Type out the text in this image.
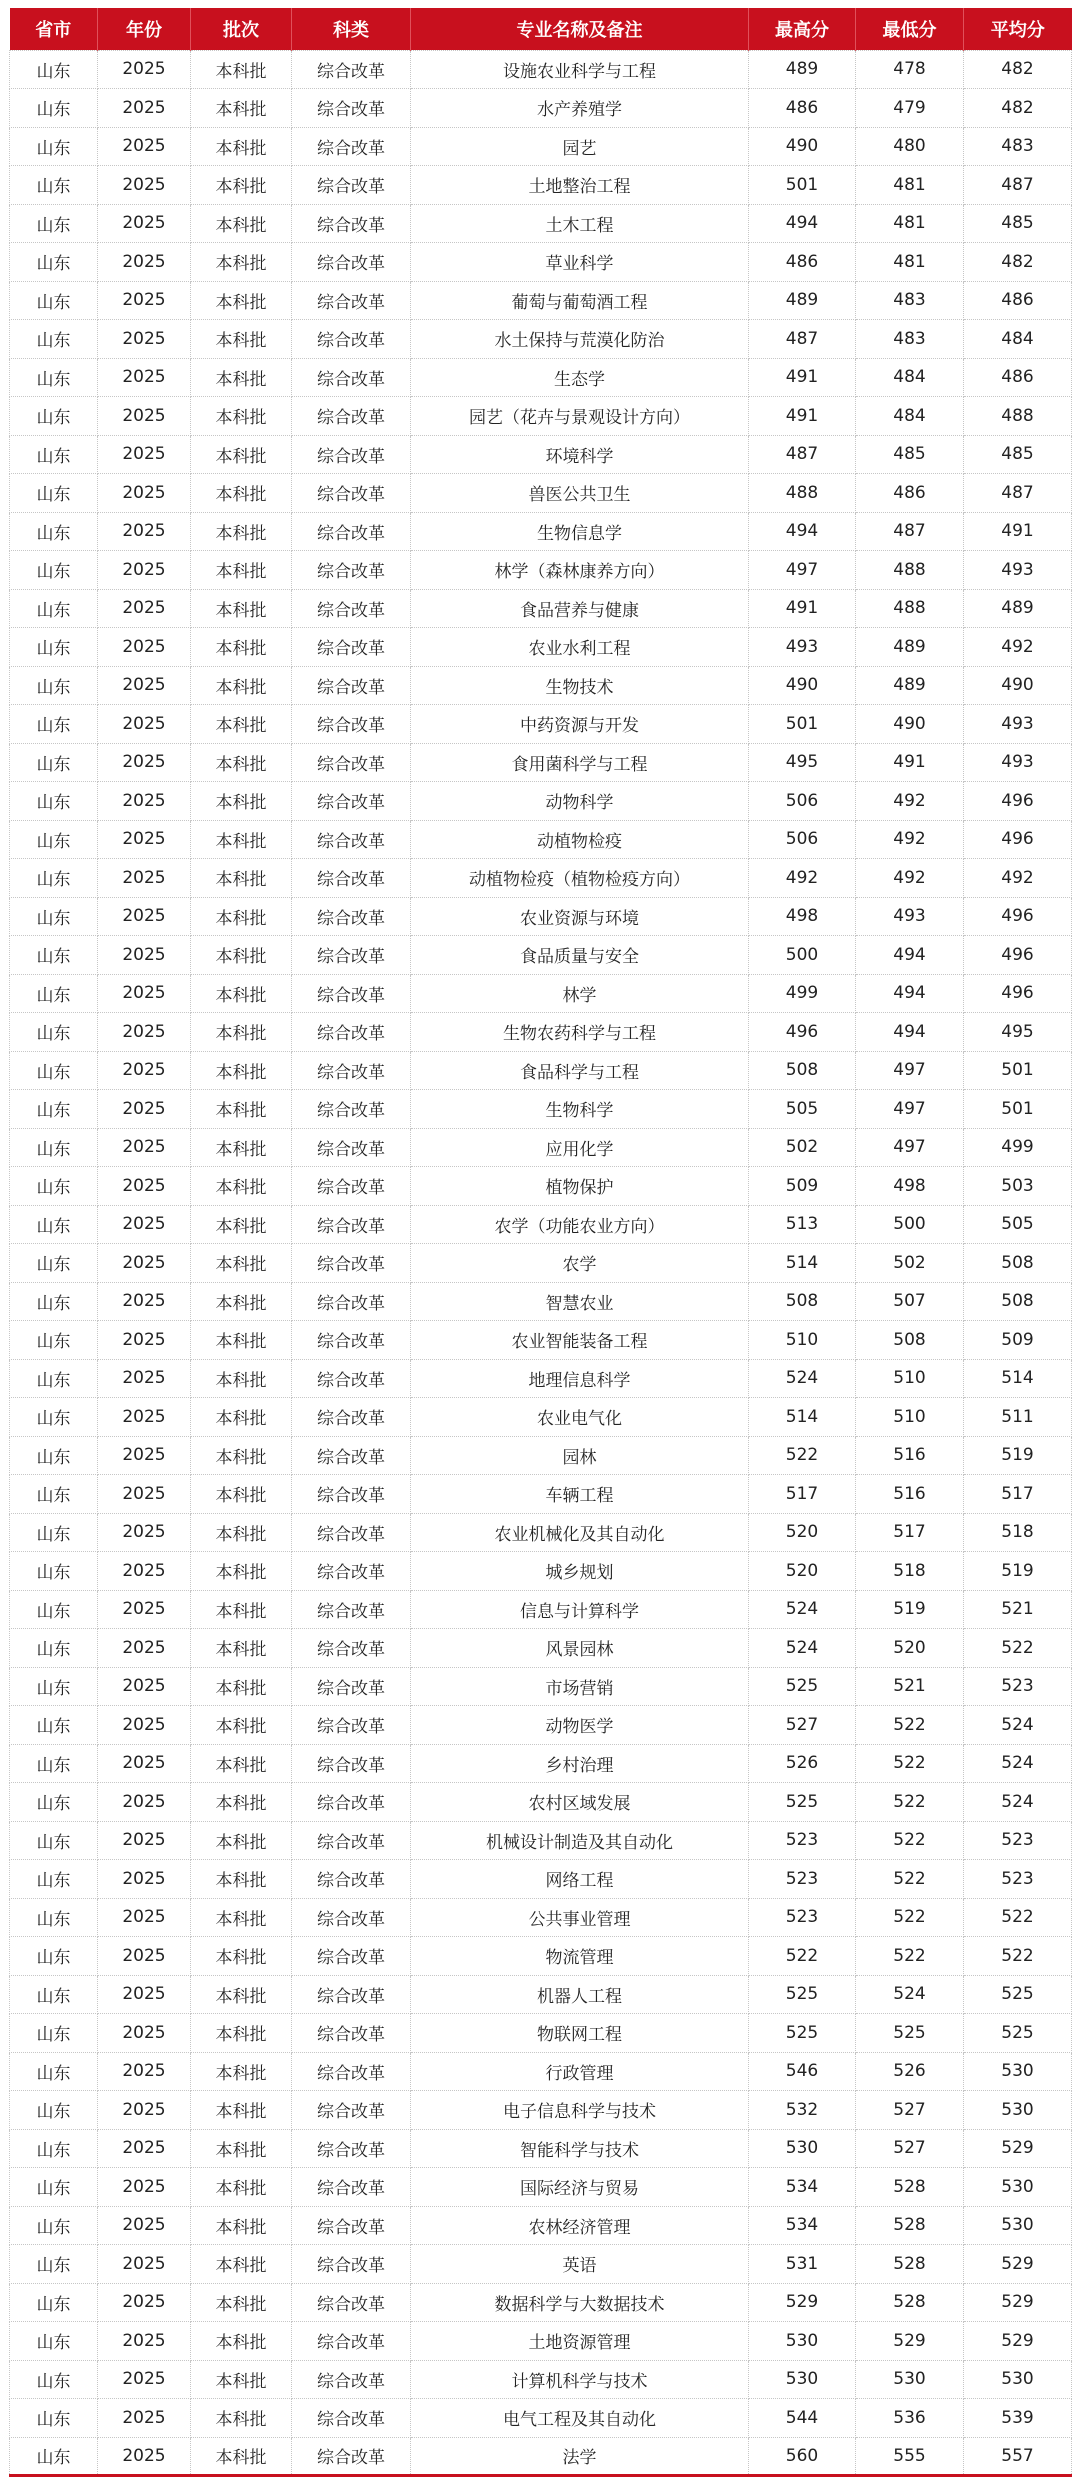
省市	年份	批次	科类	专业名称及备注	最高分	最低分	平均分
山东	2025	本科批	综合改革	设施农业科学与工程	489	478	482
山东	2025	本科批	综合改革	水产养殖学	486	479	482
山东	2025	本科批	综合改革	园艺	490	480	483
山东	2025	本科批	综合改革	土地整治工程	501	481	487
山东	2025	本科批	综合改革	土木工程	494	481	485
山东	2025	本科批	综合改革	草业科学	486	481	482
山东	2025	本科批	综合改革	葡萄与葡萄酒工程	489	483	486
山东	2025	本科批	综合改革	水土保持与荒漠化防治	487	483	484
山东	2025	本科批	综合改革	生态学	491	484	486
山东	2025	本科批	综合改革	园艺（花卉与景观设计方向）	491	484	488
山东	2025	本科批	综合改革	环境科学	487	485	485
山东	2025	本科批	综合改革	兽医公共卫生	488	486	487
山东	2025	本科批	综合改革	生物信息学	494	487	491
山东	2025	本科批	综合改革	林学（森林康养方向）	497	488	493
山东	2025	本科批	综合改革	食品营养与健康	491	488	489
山东	2025	本科批	综合改革	农业水利工程	493	489	492
山东	2025	本科批	综合改革	生物技术	490	489	490
山东	2025	本科批	综合改革	中药资源与开发	501	490	493
山东	2025	本科批	综合改革	食用菌科学与工程	495	491	493
山东	2025	本科批	综合改革	动物科学	506	492	496
山东	2025	本科批	综合改革	动植物检疫	506	492	496
山东	2025	本科批	综合改革	动植物检疫（植物检疫方向）	492	492	492
山东	2025	本科批	综合改革	农业资源与环境	498	493	496
山东	2025	本科批	综合改革	食品质量与安全	500	494	496
山东	2025	本科批	综合改革	林学	499	494	496
山东	2025	本科批	综合改革	生物农药科学与工程	496	494	495
山东	2025	本科批	综合改革	食品科学与工程	508	497	501
山东	2025	本科批	综合改革	生物科学	505	497	501
山东	2025	本科批	综合改革	应用化学	502	497	499
山东	2025	本科批	综合改革	植物保护	509	498	503
山东	2025	本科批	综合改革	农学（功能农业方向）	513	500	505
山东	2025	本科批	综合改革	农学	514	502	508
山东	2025	本科批	综合改革	智慧农业	508	507	508
山东	2025	本科批	综合改革	农业智能装备工程	510	508	509
山东	2025	本科批	综合改革	地理信息科学	524	510	514
山东	2025	本科批	综合改革	农业电气化	514	510	511
山东	2025	本科批	综合改革	园林	522	516	519
山东	2025	本科批	综合改革	车辆工程	517	516	517
山东	2025	本科批	综合改革	农业机械化及其自动化	520	517	518
山东	2025	本科批	综合改革	城乡规划	520	518	519
山东	2025	本科批	综合改革	信息与计算科学	524	519	521
山东	2025	本科批	综合改革	风景园林	524	520	522
山东	2025	本科批	综合改革	市场营销	525	521	523
山东	2025	本科批	综合改革	动物医学	527	522	524
山东	2025	本科批	综合改革	乡村治理	526	522	524
山东	2025	本科批	综合改革	农村区域发展	525	522	524
山东	2025	本科批	综合改革	机械设计制造及其自动化	523	522	523
山东	2025	本科批	综合改革	网络工程	523	522	523
山东	2025	本科批	综合改革	公共事业管理	523	522	522
山东	2025	本科批	综合改革	物流管理	522	522	522
山东	2025	本科批	综合改革	机器人工程	525	524	525
山东	2025	本科批	综合改革	物联网工程	525	525	525
山东	2025	本科批	综合改革	行政管理	546	526	530
山东	2025	本科批	综合改革	电子信息科学与技术	532	527	530
山东	2025	本科批	综合改革	智能科学与技术	530	527	529
山东	2025	本科批	综合改革	国际经济与贸易	534	528	530
山东	2025	本科批	综合改革	农林经济管理	534	528	530
山东	2025	本科批	综合改革	英语	531	528	529
山东	2025	本科批	综合改革	数据科学与大数据技术	529	528	529
山东	2025	本科批	综合改革	土地资源管理	530	529	529
山东	2025	本科批	综合改革	计算机科学与技术	530	530	530
山东	2025	本科批	综合改革	电气工程及其自动化	544	536	539
山东	2025	本科批	综合改革	法学	560	555	557
